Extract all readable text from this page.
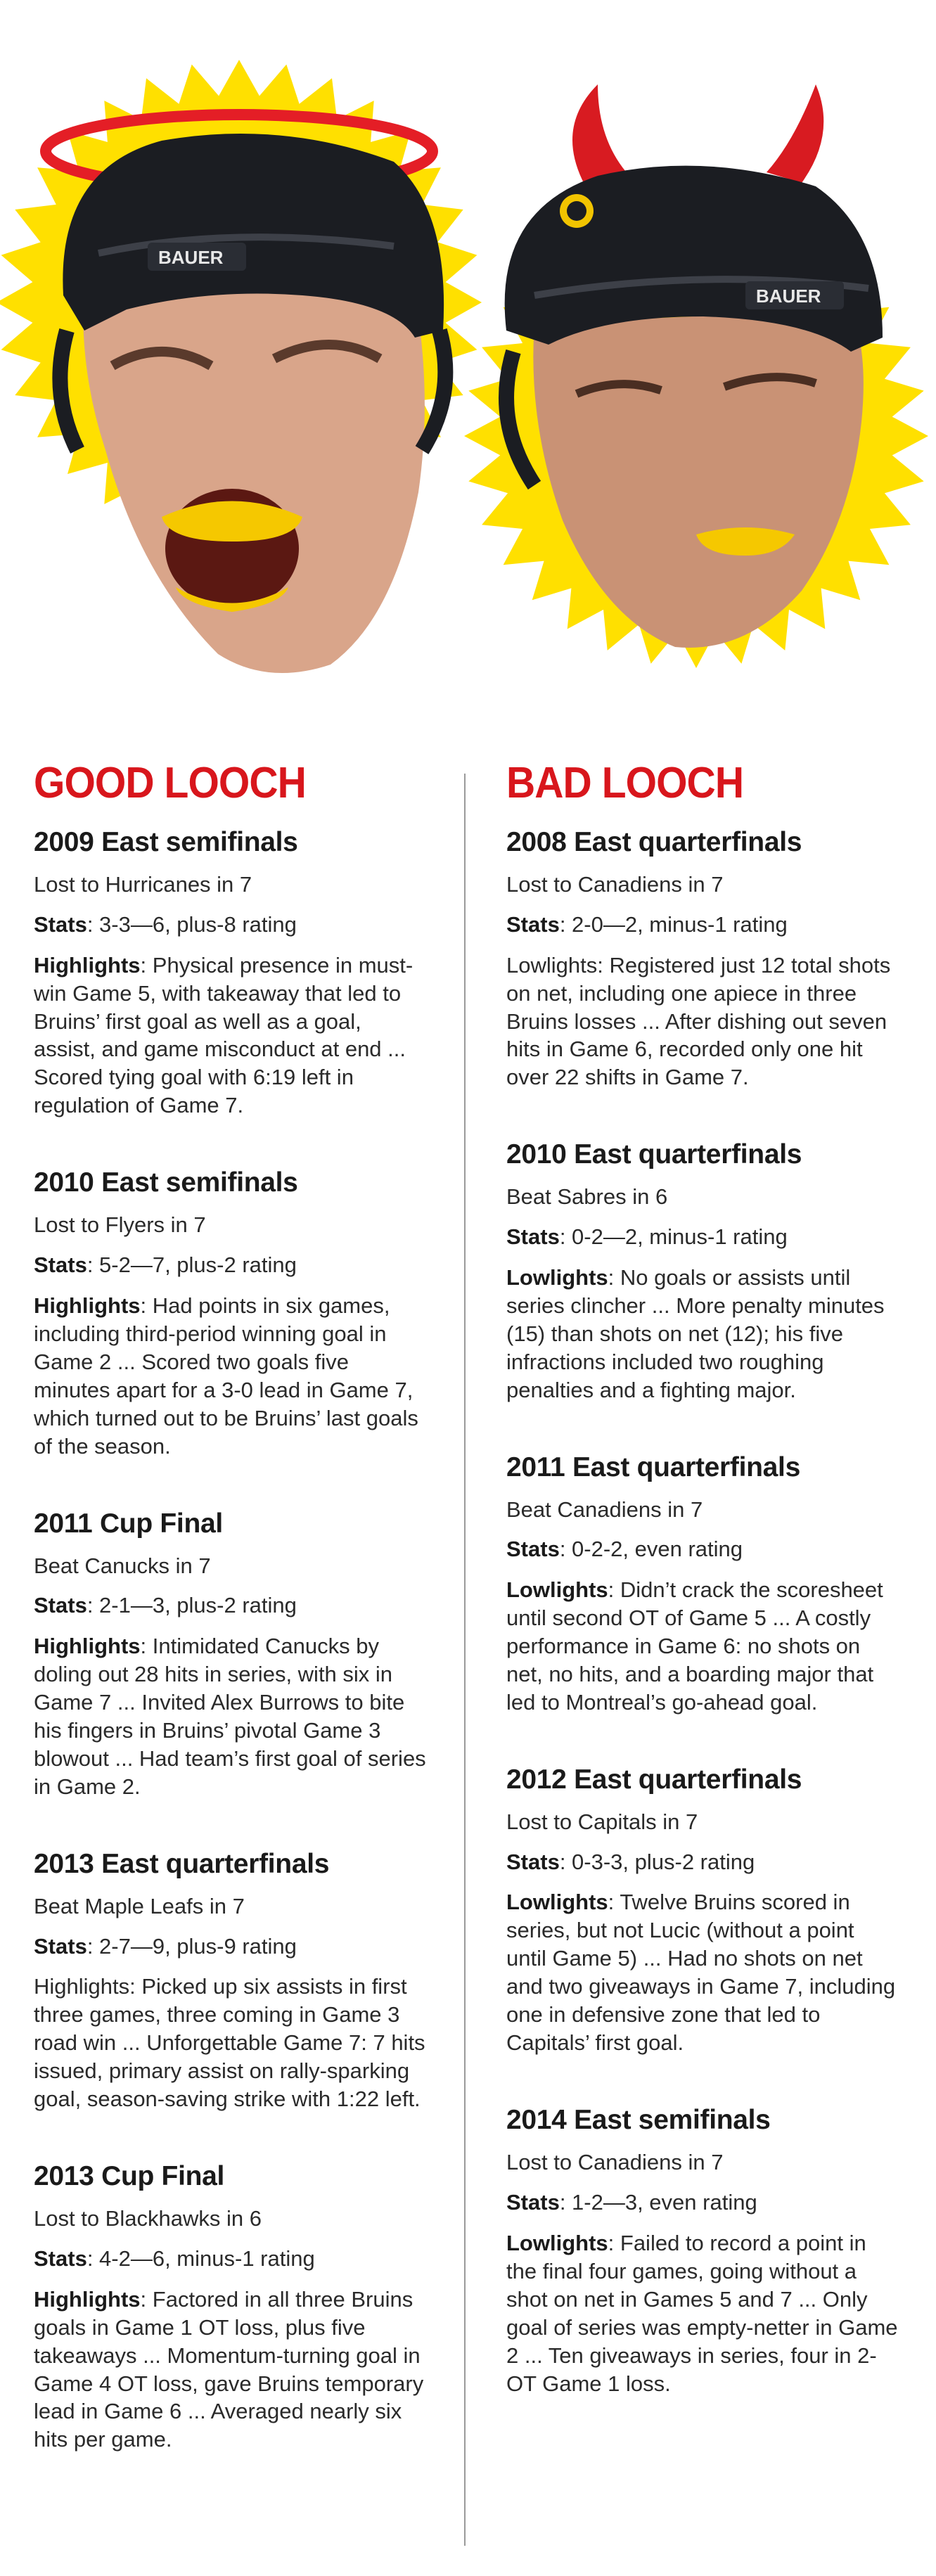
BAUER
BAUER
GOOD LOOCH
2009 East semifinals
Lost to Hurricanes in 7
Stats: 3-3—6, plus-8 rating
Highlights: Physical presence in must-win Game 5, with takeaway that led to Bruins’ first goal as well as a goal, assist, and game misconduct at end ... Scored tying goal with 6:19 left in regulation of Game 7.
2010 East semifinals
Lost to Flyers in 7
Stats: 5-2—7, plus-2 rating
Highlights: Had points in six games, including third-period winning goal in Game 2 ... Scored two goals five minutes apart for a 3-0 lead in Game 7, which turned out to be Bruins’ last goals of the season.
2011 Cup Final
Beat Canucks in 7
Stats: 2-1—3, plus-2 rating
Highlights: Intimidated Canucks by doling out 28 hits in series, with six in Game 7 ... Invited Alex Burrows to bite his fingers in Bruins’ pivotal Game 3 blowout ... Had team’s first goal of series in Game 2.
2013 East quarterfinals
Beat Maple Leafs in 7
Stats: 2-7—9, plus-9 rating
Highlights: Picked up six assists in first three games, three coming in Game 3 road win ... Unforgettable Game 7: 7 hits issued, primary assist on rally-sparking goal, season-saving strike with 1:22 left.
2013 Cup Final
Lost to Blackhawks in 6
Stats: 4-2—6, minus-1 rating
Highlights: Factored in all three Bruins goals in Game 1 OT loss, plus five takeaways ... Momentum-turning goal in Game 4 OT loss, gave Bruins temporary lead in Game 6 ... Averaged nearly six hits per game.
BAD LOOCH
2008 East quarterfinals
Lost to Canadiens in 7
Stats: 2-0—2, minus-1 rating
Lowlights: Registered just 12 total shots on net, including one apiece in three Bruins losses ... After dishing out seven hits in Game 6, recorded only one hit over 22 shifts in Game 7.
2010 East quarterfinals
Beat Sabres in 6
Stats: 0-2—2, minus-1 rating
Lowlights: No goals or assists until series clincher ... More penalty minutes (15) than shots on net (12); his five infractions included two roughing penalties and a fighting major.
2011 East quarterfinals
Beat Canadiens in 7
Stats: 0-2-2, even rating
Lowlights: Didn’t crack the scoresheet until second OT of Game 5 ... A costly performance in Game 6: no shots on net, no hits, and a boarding major that led to Montreal’s go-ahead goal.
2012 East quarterfinals
Lost to Capitals in 7
Stats: 0-3-3, plus-2 rating
Lowlights: Twelve Bruins scored in series, but not Lucic (without a point until Game 5) ... Had no shots on net and two giveaways in Game 7, including one in defensive zone that led to Capitals’ first goal.
2014 East semifinals
Lost to Canadiens in 7
Stats: 1-2—3, even rating
Lowlights: Failed to record a point in the final four games, going without a shot on net in Games 5 and 7 ... Only goal of series was empty-netter in Game 2 ... Ten giveaways in series, four in 2-OT Game 1 loss.
